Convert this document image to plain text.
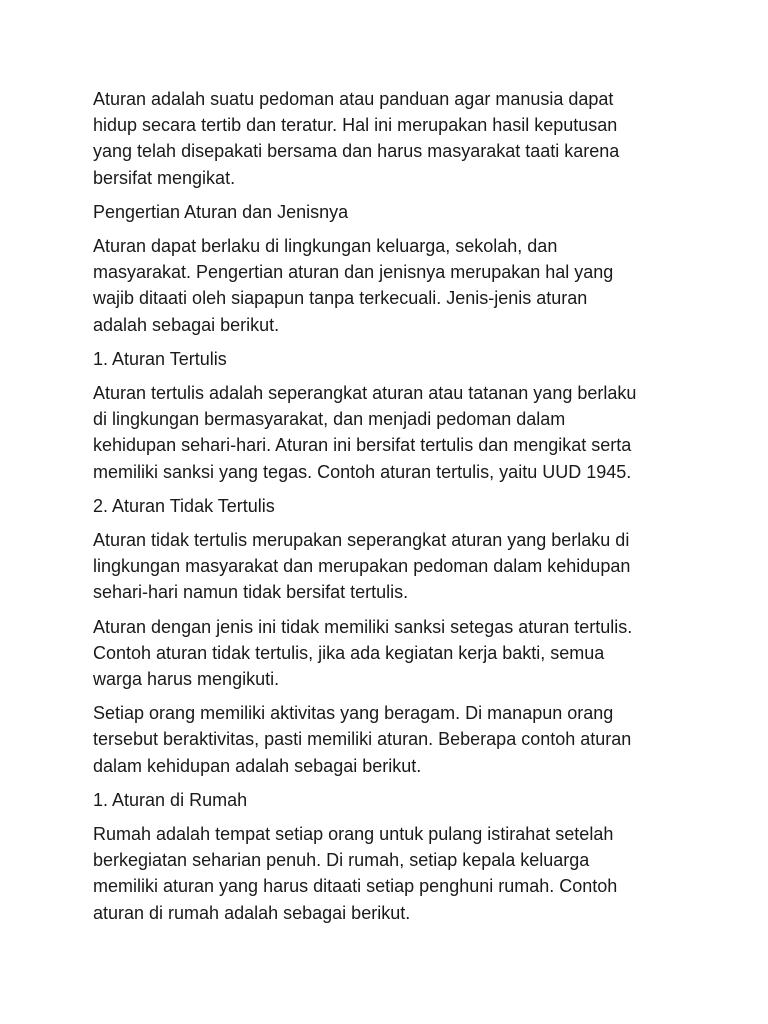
Aturan adalah suatu pedoman atau panduan agar manusia dapat
hidup secara tertib dan teratur. Hal ini merupakan hasil keputusan
yang telah disepakati bersama dan harus masyarakat taati karena
bersifat mengikat.

Pengertian Aturan dan Jenisnya

Aturan dapat berlaku di lingkungan keluarga, sekolah, dan
masyarakat. Pengertian aturan dan jenisnya merupakan hal yang
wajib ditaati oleh siapapun tanpa terkecuali. Jenis-jenis aturan
adalah sebagai berikut.

1. Aturan Tertulis

Aturan tertulis adalah seperangkat aturan atau tatanan yang berlaku
di lingkungan bermasyarakat, dan menjadi pedoman dalam
kehidupan sehari-hari. Aturan ini bersifat tertulis dan mengikat serta
memiliki sanksi yang tegas. Contoh aturan tertulis, yaitu UUD 1945.

2. Aturan Tidak Tertulis

Aturan tidak tertulis merupakan seperangkat aturan yang berlaku di
lingkungan masyarakat dan merupakan pedoman dalam kehidupan
sehari-hari namun tidak bersifat tertulis.

Aturan dengan jenis ini tidak memiliki sanksi setegas aturan tertulis.
Contoh aturan tidak tertulis, jika ada kegiatan kerja bakti, semua
warga harus mengikuti.

Setiap orang memiliki aktivitas yang beragam. Di manapun orang
tersebut beraktivitas, pasti memiliki aturan. Beberapa contoh aturan
dalam kehidupan adalah sebagai berikut.

1. Aturan di Rumah

Rumah adalah tempat setiap orang untuk pulang istirahat setelah
berkegiatan seharian penuh. Di rumah, setiap kepala keluarga
memiliki aturan yang harus ditaati setiap penghuni rumah. Contoh
aturan di rumah adalah sebagai berikut.
